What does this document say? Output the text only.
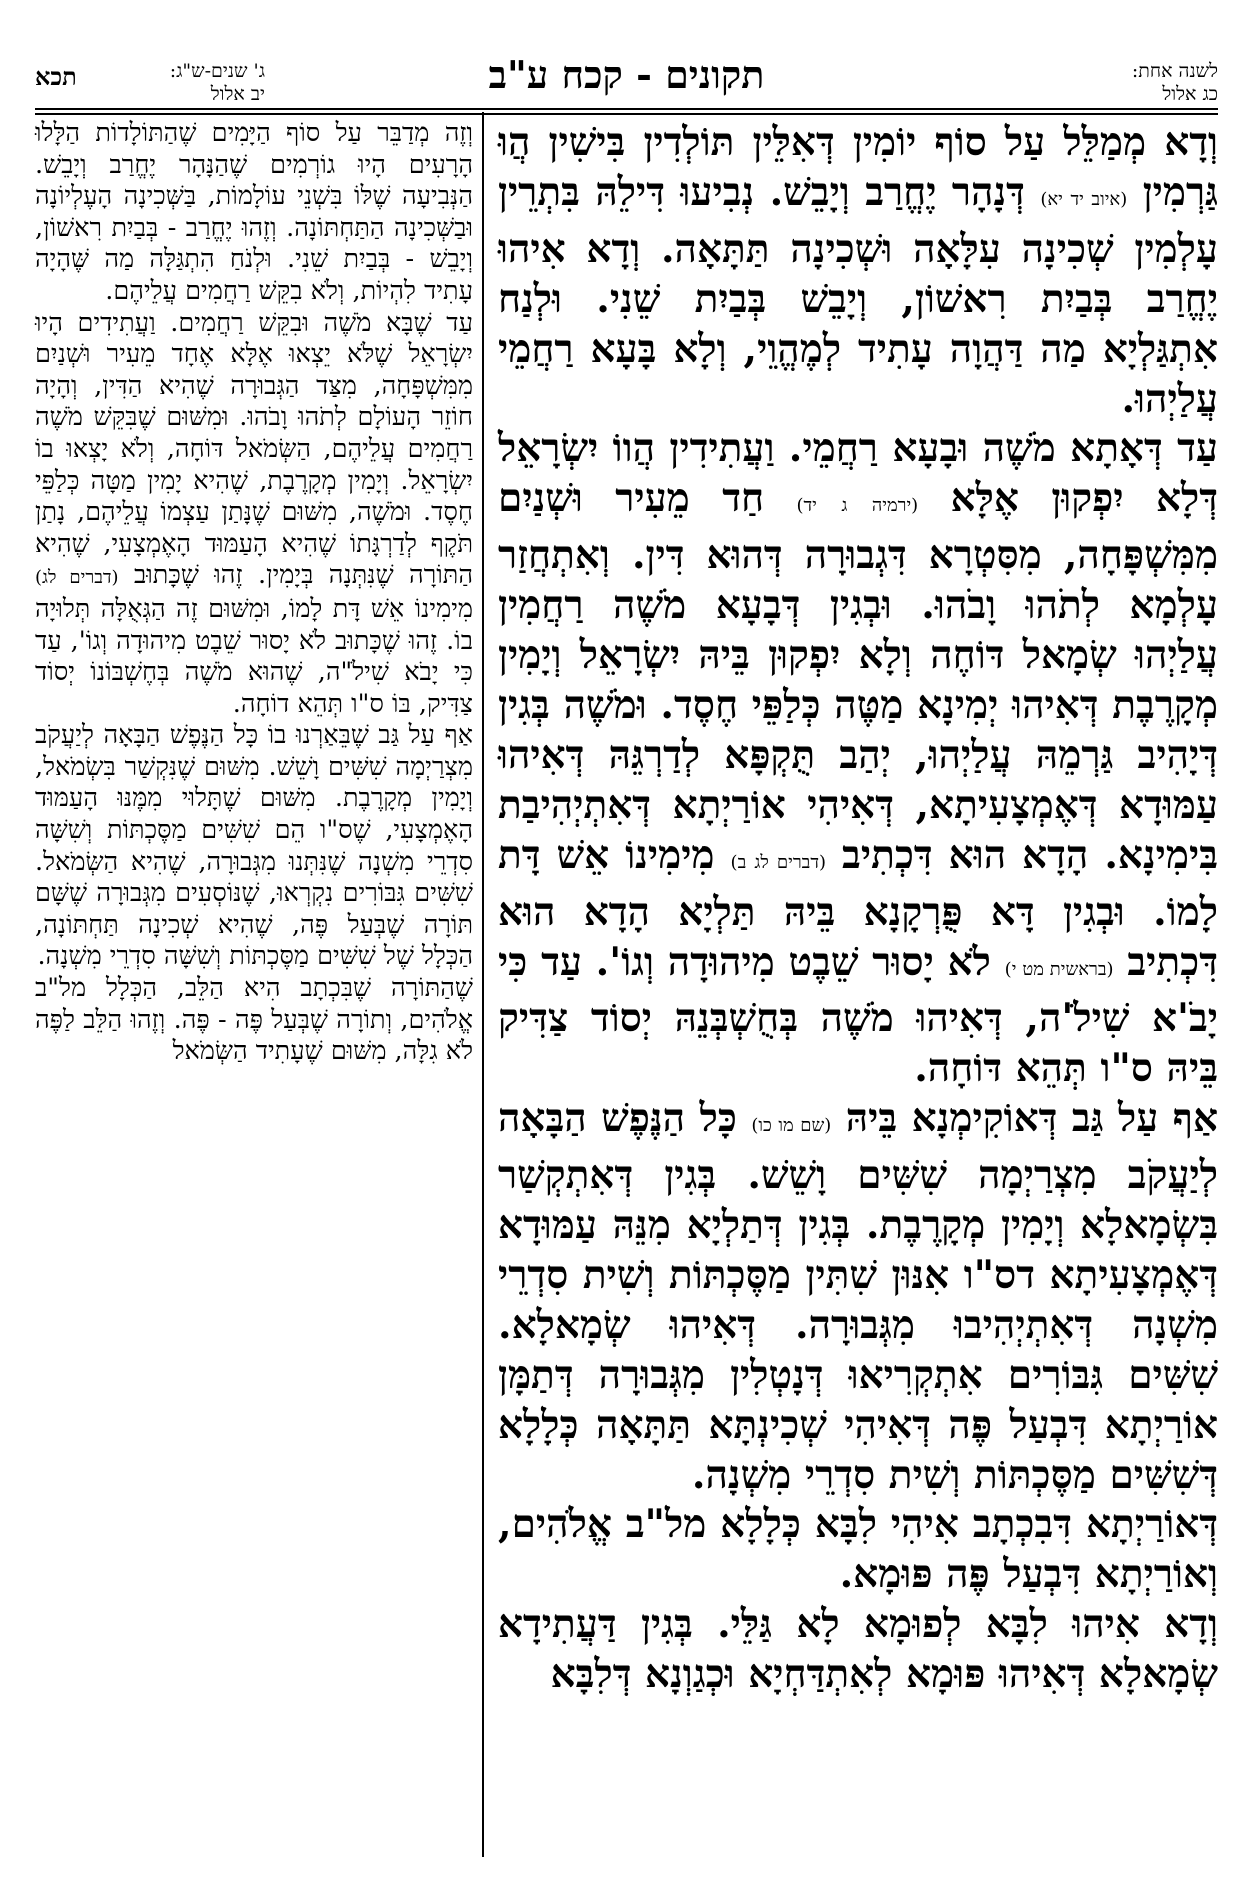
לשנה אחת:
כג אלול
תקונים - קכח ע"ב
ג' שנים-ש"ג:
יב אלול
תכא

וְדָא מְמַלֵּל עַל סוֹף יוֹמִין דְּאִלֵּין תּוֹלְדִין בִּישִׁין הֲוּ גַּרְמִין (איוב יד יא) דְּנָהָר יֶחֱרַב וְיָבֵשׁ. נְבִיעוּ דִּילֵהּ בִּתְרֵין עָלְמִין שְׁכִינָה עִלָּאָה וּשְׁכִינָה תַּתָּאָה. וְדָא אִיהוּ יֶחֱרַב בְּבַיִת רִאשׁוֹן, וְיָבֵשׁ בְּבַיִת שֵׁנִי. וּלְנַח אִתְגַּלְיָא מַה דַּהֲוָה עָתִיד לְמֶהֱוֵי, וְלָא בָּעָא רַחֲמֵי עֲלַיְהוּ.

עַד דְּאָתָא מֹשֶׁה וּבָעָא רַחֲמֵי. וַעֲתִידִין הֲווֹ יִשְׂרָאֵל דְּלָא יִפְקוּן אֶלָּא (ירמיה ג יד) חַד מֵעִיר וּשְׁנַיִם מִמִּשְׁפָּחָה, מִסִּטְרָא דִּגְבוּרָה דְּהוּא דִּין. וְאִתְחֲזַר עָלְמָא לְתֹהוּ וָבֹהוּ. וּבְגִין דְּבָעָא מֹשֶׁה רַחֲמִין עֲלַיְהוּ שְׂמָאל דּוֹחֶה וְלָא יִפְקוּן בֵּיהּ יִשְׂרָאֵל וְיָמִין מְקָרֶבֶת דְּאִיהוּ יְמִינָא מַטֶּה כְּלַפֵּי חֶסֶד. וּמֹשֶׁה בְּגִין דְּיָהִיב גַּרְמֵהּ עֲלַיְהוּ, יְהַב תֻּקְפָּא לְדַרְגֵּהּ דְּאִיהוּ עַמּוּדָא דְּאֶמְצָעִיתָא, דְּאִיהִי אוֹרַיְתָא דְּאִתְיְהִיבַת בִּימִינָא. הָדָא הוּא דִּכְתִיב (דברים לג ב) מִימִינוֹ אֵשׁ דָּת לָמוֹ. וּבְגִין דָּא פֻּרְקָנָא בֵּיהּ תַּלְיָא הָדָא הוּא דִּכְתִיב (בראשית מט י) לֹא יָסוּר שֵׁבֶט מִיהוּדָה וְגוֹ'. עַד כִּי יָבֹ'א שִׁילֹ'ה, דְּאִיהוּ מֹשֶׁה בְּחֻשְׁבְּנֵהּ יְסוֹד צַדִּיק בֵּיהּ ס"ו תְּהֵא דּוֹחָה.

אַף עַל גַּב דְּאוֹקִימְנָא בֵּיהּ (שם מו כו) כָּל הַנֶּפֶשׁ הַבָּאָה לְיַעֲקֹב מִצְרַיְמָה שִׁשִּׁים וָשֵׁשׁ. בְּגִין דְּאִתְקְשַׁר בִּשְׂמָאלָא וְיָמִין מְקָרֶבֶת. בְּגִין דְּתַלְיָא מִנֵּהּ עַמּוּדָא דְּאֶמְצָעִיתָא דס"ו אִנּוּן שִׁתִּין מַסֶּכְתּוֹת וְשִׁית סִדְרֵי מִשְׁנָה דְּאִתְיְהִיבוּ מִגְּבוּרָה. דְּאִיהוּ שְׂמָאלָא. שִׁשִּׁים גִּבּוֹרִים אִתְקְרִיאוּ דְּנָטְלִין מִגְּבוּרָה דְּתַמָּן אוֹרַיְתָא דִּבְעַל פֶּה דְּאִיהִי שְׁכִינְתָּא תַּתָּאָה כְּלָלָא דְּשִׁשִּׁים מַסֶּכְתּוֹת וְשִׁית סִדְרֵי מִשְׁנָה.

דְּאוֹרַיְתָא דִּבִכְתָב אִיהִי לִבָּא כְּלָלָא מל"ב אֱלֹהִים, וְאוֹרַיְתָא דִּבְעַל פֶּה פּוּמָא.

וְדָא אִיהוּ לִבָּא לְפוּמָא לָא גַּלֵּי. בְּגִין דַּעֲתִידָא שְׂמָאלָא דְּאִיהוּ פּוּמָא לְאִתְדַּחְיָא וּכְגַוְנָא דְּלִבָּא

וְזֶה מְדַבֵּר עַל סוֹף הַיָּמִים שֶׁהַתּוֹלָדוֹת הַלָּלוּ הָרָעִים הָיוּ גוֹרְמִים שֶׁהַנָּהָר יֶחֱרַב וְיָבֵשׁ. הַנְּבִיעָה שֶׁלּוֹ בִּשְׁנֵי עוֹלָמוֹת, בַּשְּׁכִינָה הָעֶלְיוֹנָה וּבַשְּׁכִינָה הַתַּחְתּוֹנָה. וְזֶהוּ יֶחֱרַב - בְּבַיִת רִאשׁוֹן, וְיָבֵשׁ - בְּבַיִת שֵׁנִי. וּלְנֹחַ הִתְגַּלָּה מַה שֶּׁהָיָה עָתִיד לִהְיוֹת, וְלֹא בִקֵּשׁ רַחֲמִים עֲלֵיהֶם.

עַד שֶׁבָּא מֹשֶׁה וּבִקֵּשׁ רַחֲמִים. וַעֲתִידִים הָיוּ יִשְׂרָאֵל שֶׁלֹּא יֵצְאוּ אֶלָּא אֶחָד מֵעִיר וּשְׁנַיִם מִמִּשְׁפָּחָה, מִצַּד הַגְּבוּרָה שֶׁהִיא הַדִּין, וְהָיָה חוֹזֵר הָעוֹלָם לְתֹהוּ וָבֹהוּ. וּמִשּׁוּם שֶׁבִּקֵּשׁ מֹשֶׁה רַחֲמִים עֲלֵיהֶם, הַשְּׂמֹאל דּוֹחָה, וְלֹא יָצְאוּ בוֹ יִשְׂרָאֵל. וְיָמִין מְקָרֶבֶת, שֶׁהִיא יָמִין מַטָּה כְּלַפֵּי חֶסֶד. וּמֹשֶׁה, מִשּׁוּם שֶׁנָּתַן עַצְמוֹ עֲלֵיהֶם, נָתַן תֹּקֶף לְדַרְגָּתוֹ שֶׁהִיא הָעַמּוּד הָאֶמְצָעִי, שֶׁהִיא הַתּוֹרָה שֶׁנִּתְּנָה בְּיָמִין. זֶהוּ שֶׁכָּתוּב (דברים לג) מִימִינוֹ אֵשׁ דָּת לָמוֹ, וּמִשּׁוּם זֶה הַגְּאֻלָּה תְּלוּיָה בוֹ. זֶהוּ שֶׁכָּתוּב לֹא יָסוּר שֵׁבֶט מִיהוּדָה וְגוֹ', עַד כִּי יָבֹא שִׁילֹ"ה, שֶׁהוּא מֹשֶׁה בְּחֶשְׁבּוֹנוֹ יְסוֹד צַדִּיק, בּוֹ ס"ו תְּהֵא דוֹחָה.

אַף עַל גַּב שֶׁבֵּאַרְנוּ בוֹ כָּל הַנֶּפֶשׁ הַבָּאָה לְיַעֲקֹב מִצְרַיְמָה שִׁשִּׁים וָשֵׁשׁ. מִשּׁוּם שֶׁנִּקְשַׁר בִּשְׂמֹאל, וְיָמִין מְקָרֶבֶת. מִשּׁוּם שֶׁתָּלוּי מִמֶּנּוּ הָעַמּוּד הָאֶמְצָעִי, שֶׁס"ו הֵם שִׁשִּׁים מַסֶּכְתּוֹת וְשִׁשָּׁה סִדְרֵי מִשְׁנָה שֶׁנִּתְּנוּ מִגְּבוּרָה, שֶׁהִיא הַשְּׂמֹאל. שִׁשִּׁים גִּבּוֹרִים נִקְרְאוּ, שֶׁנּוֹסְעִים מִגְּבוּרָה שֶׁשָּׁם תּוֹרָה שֶׁבְּעַל פֶּה, שֶׁהִיא שְׁכִינָה תַּחְתּוֹנָה, הַכְּלָל שֶׁל שִׁשִּׁים מַסֶּכְתּוֹת וְשִׁשָּׁה סִדְרֵי מִשְׁנָה.

שֶׁהַתּוֹרָה שֶׁבִּכְתָב הִיא הַלֵּב, הַכְּלָל מל"ב אֱלֹהִים, וְתוֹרָה שֶׁבְּעַל פֶּה - פֶּה. וְזֶהוּ הַלֵּב לַפֶּה לֹא גִלָּה, מִשּׁוּם שֶׁעָתִיד הַשְּׂמֹאל
